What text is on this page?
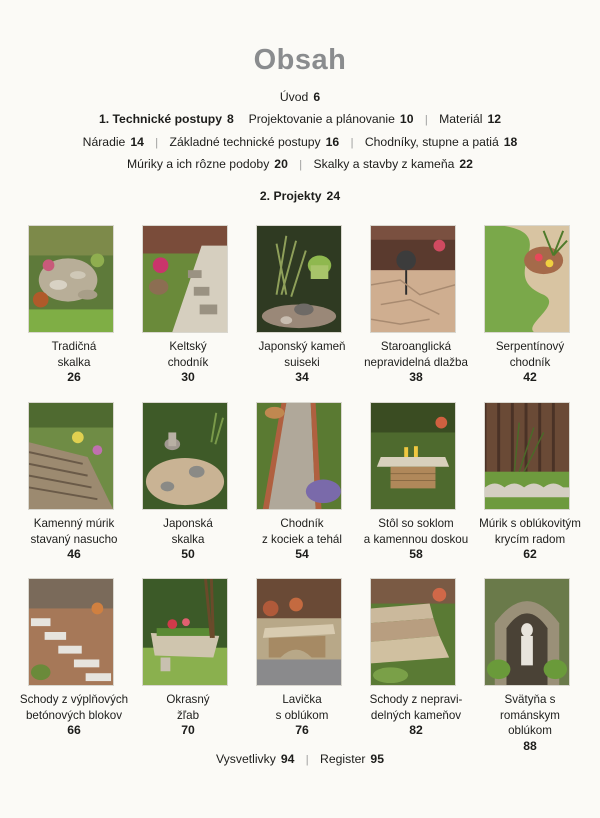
Obsah
Úvod 6
1. Technické postupy 8 Projektovanie a plánovanie 10 | Materiál 12
Náradie 14 | Základné technické postupy 16 | Chodníky, stupne a patiá 18
Múriky a ich rôzne podoby 20 | Skalky a stavby z kameňa 22
2. Projekty 24
Tradičná
skalka
26
Keltský
chodník
30
Japonský kameň
suiseki
34
Staroanglická
nepravidelná dlažba
38
Serpentínový
chodník
42
Kamenný múrik
stavaný nasucho
46
Japonská
skalka
50
Chodník
z kociek a tehál
54
Stôl so soklom
a kamennou doskou
58
Múrik s oblúkovitým
krycím radom
62
Schody z výplňových
betónových blokov
66
Okrasný
žľab
70
Lavička
s oblúkom
76
Schody z nepravi-
delných kameňov
82
Svätyňa s románskym
oblúkom
88
Vysvetlivky 94 | Register 95
